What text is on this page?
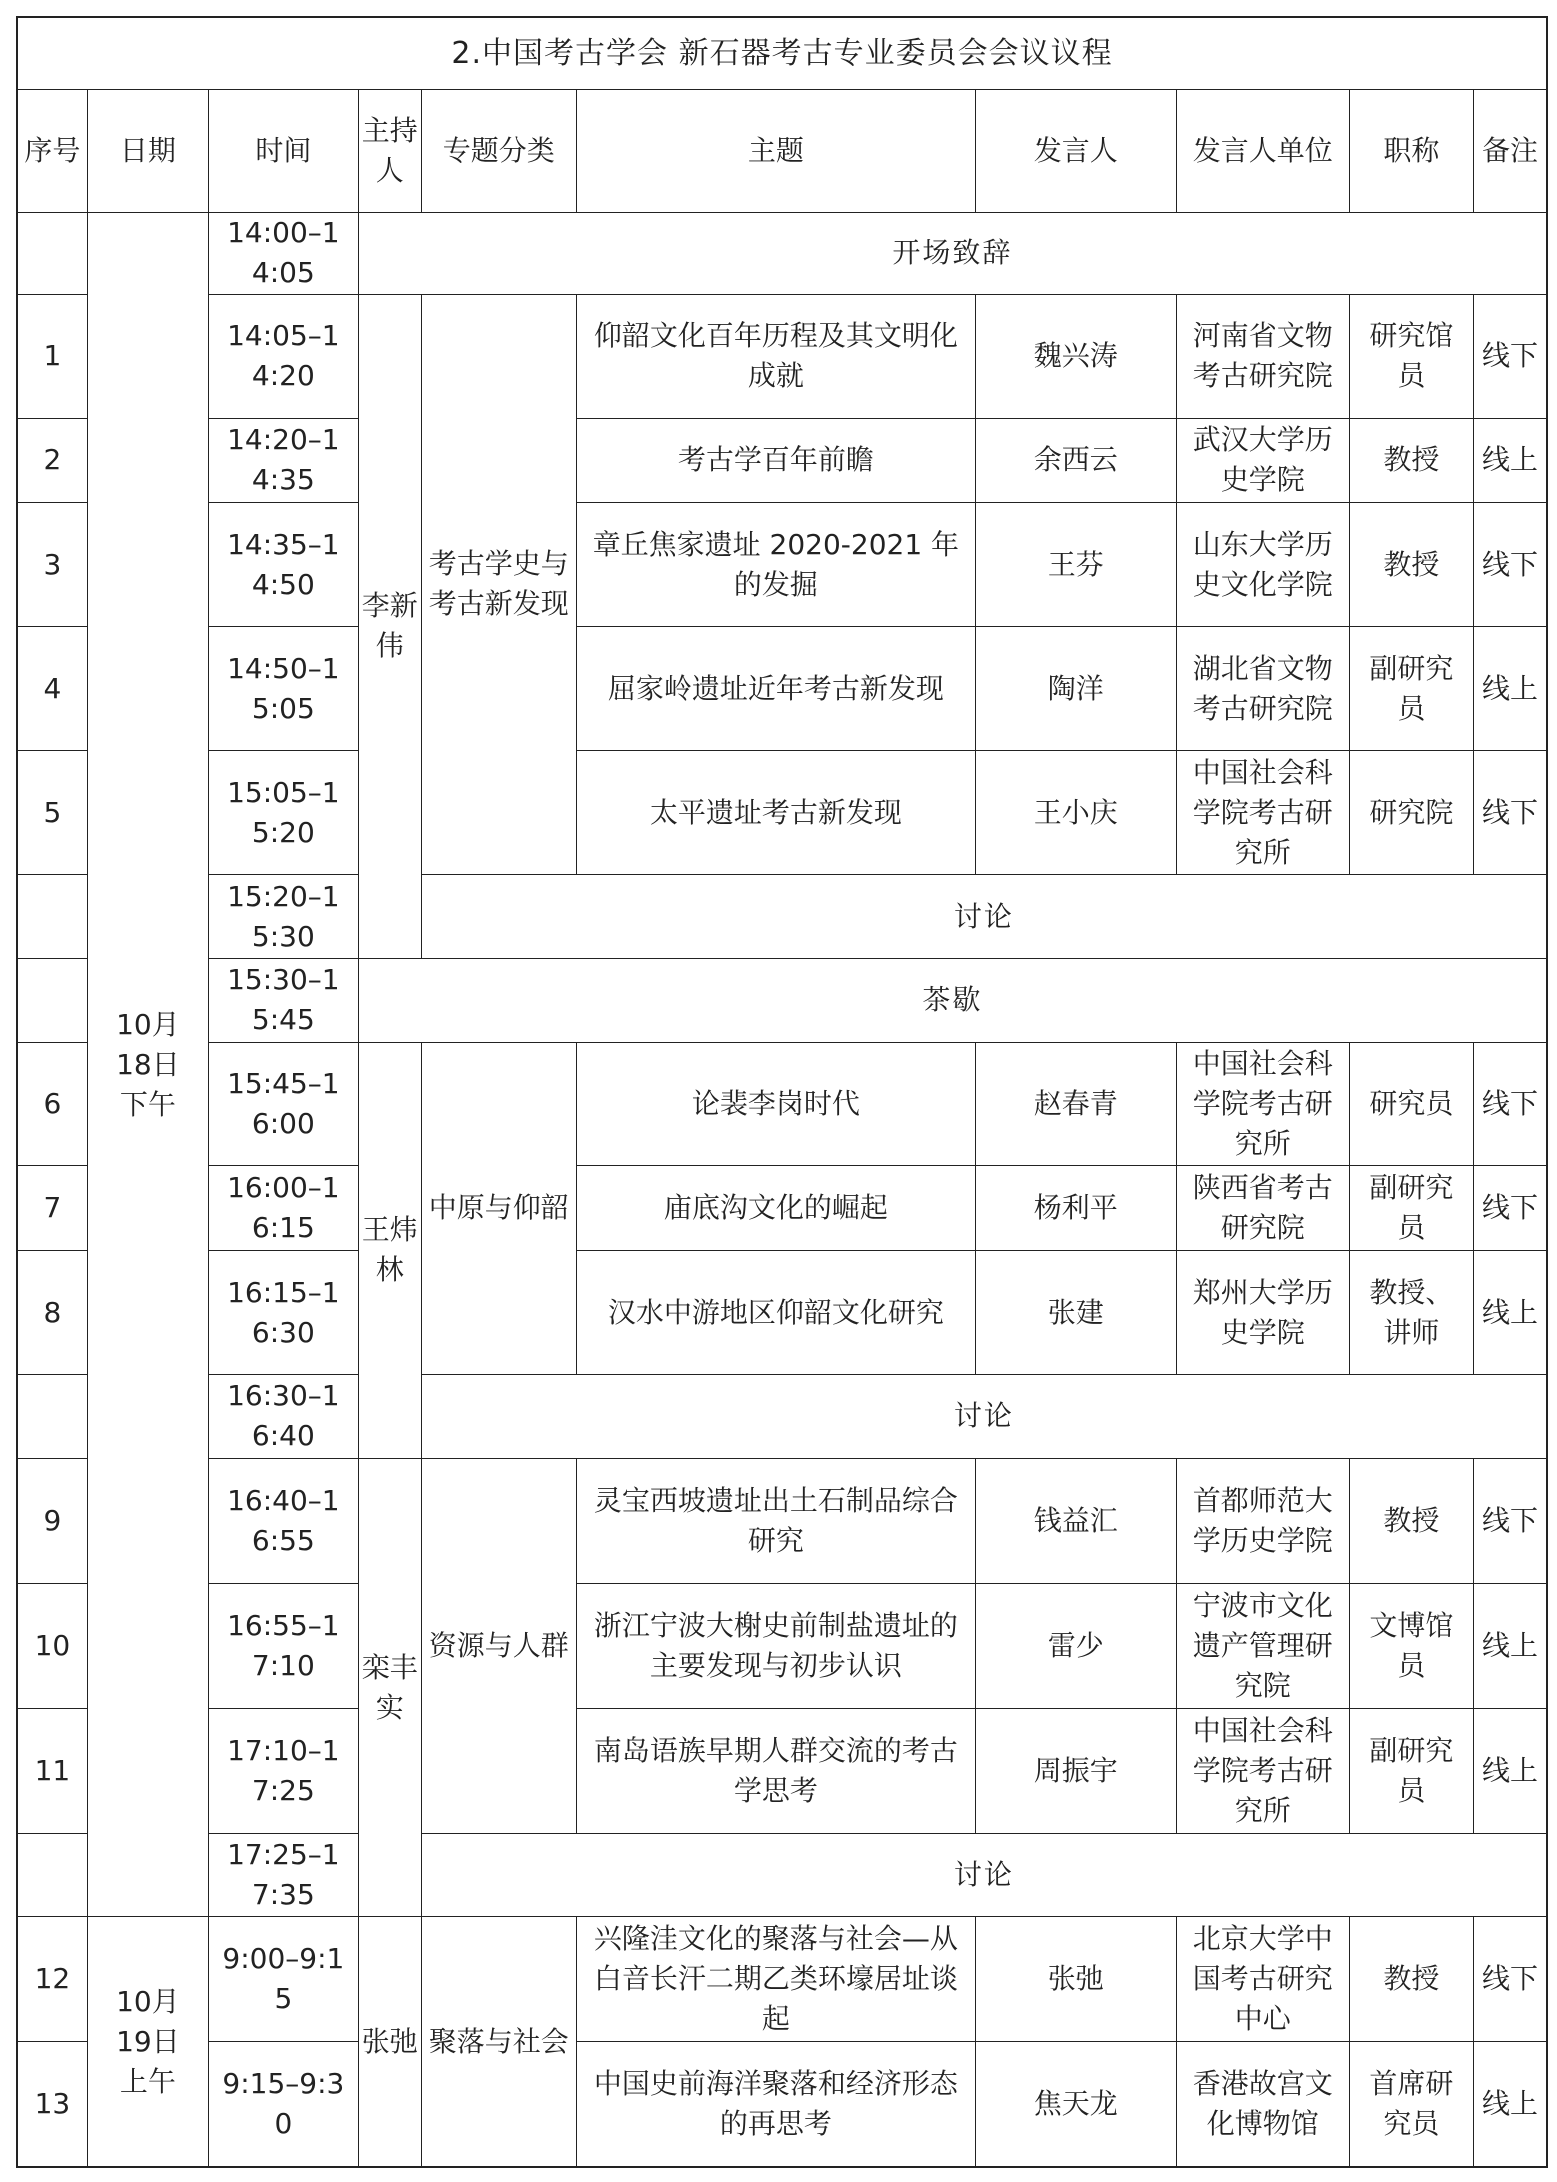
2.中国考古学会 新石器考古专业委员会会议议程									
序号	日期	时间	主持人	专题分类	主题	发言人	发言人单位	职称	备注
	10月18日下午	14:00–14:05	开场致辞						
1		14:05–14:20	李新伟	考古学史与考古新发现	仰韶文化百年历程及其文明化成就	魏兴涛	河南省文物考古研究院	研究馆员	线下
2		14:20–14:35			考古学百年前瞻	余西云	武汉大学历史学院	教授	线上
3		14:35–14:50			章丘焦家遗址 2020-2021 年的发掘	王芬	山东大学历史文化学院	教授	线下
4		14:50–15:05			屈家岭遗址近年考古新发现	陶洋	湖北省文物考古研究院	副研究员	线上
5		15:05–15:20			太平遗址考古新发现	王小庆	中国社会科学院考古研究所	研究院	线下
		15:20–15:30		讨论					
		15:30–15:45	茶歇						
6		15:45–16:00	王炜林	中原与仰韶	论裴李岗时代	赵春青	中国社会科学院考古研究所	研究员	线下
7		16:00–16:15			庙底沟文化的崛起	杨利平	陕西省考古研究院	副研究员	线下
8		16:15–16:30			汉水中游地区仰韶文化研究	张建	郑州大学历史学院	教授、讲师	线上
		16:30–16:40		讨论					
9		16:40–16:55	栾丰实	资源与人群	灵宝西坡遗址出土石制品综合研究	钱益汇	首都师范大学历史学院	教授	线下
10		16:55–17:10			浙江宁波大榭史前制盐遗址的主要发现与初步认识	雷少	宁波市文化遗产管理研究院	文博馆员	线上
11		17:10–17:25			南岛语族早期人群交流的考古学思考	周振宇	中国社会科学院考古研究所	副研究员	线上
		17:25–17:35		讨论					
12	10月19日上午	9:00–9:15	张弛	聚落与社会	兴隆洼文化的聚落与社会—从白音长汗二期乙类环壕居址谈起	张弛	北京大学中国考古研究中心	教授	线下
13		9:15–9:30			中国史前海洋聚落和经济形态的再思考	焦天龙	香港故宫文化博物馆	首席研究员	线上
